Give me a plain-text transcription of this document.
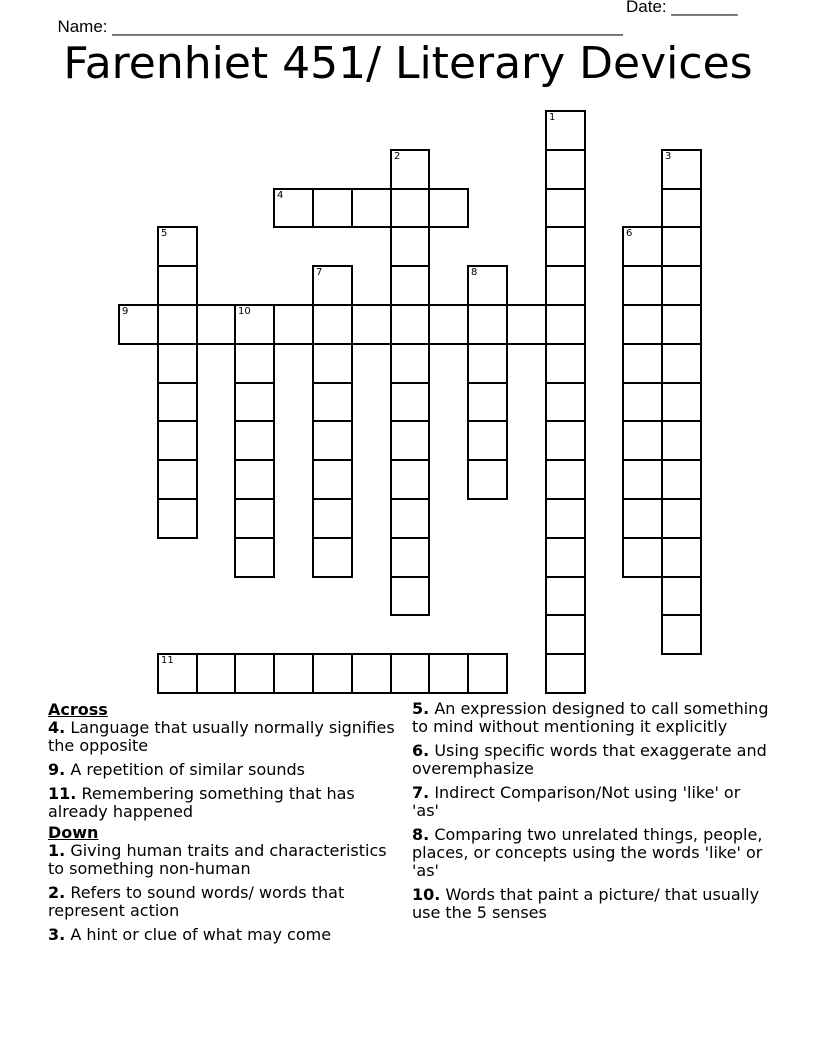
Name: ______________________________________________________

Date: _______

Farenhiet 451/ Literary Devices
1
2	3
4
5	6
7	8
9	10
11
Across
4. Language that usually normally signifies the opposite
9. A repetition of similar sounds
11. Remembering something that has already happened
Down
1. Giving human traits and characteristics to something non-human
2. Refers to sound words/ words that represent action
3. A hint or clue of what may come
5. An expression designed to call something to mind without mentioning it explicitly
6. Using specific words that exaggerate and overemphasize
7. Indirect Comparison/Not using 'like' or 'as'
8. Comparing two unrelated things, people, places, or concepts using the words 'like' or 'as'
10. Words that paint a picture/ that usually use the 5 senses
